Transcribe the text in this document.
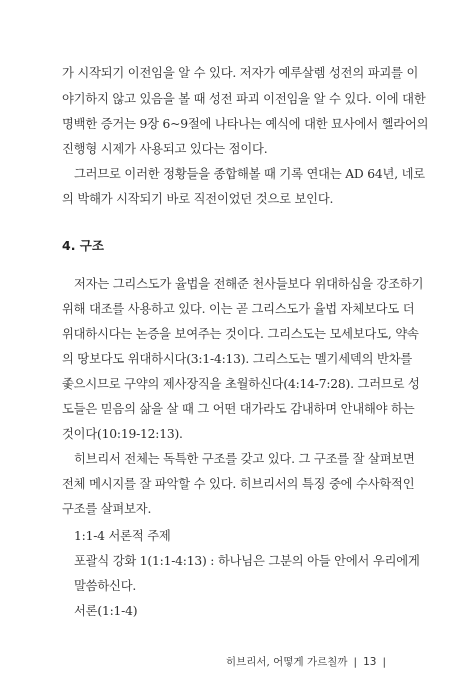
가 시작되기 이전임을 알 수 있다. 저자가 예루살렘 성전의 파괴를 이
야기하지 않고 있음을 볼 때 성전 파괴 이전임을 알 수 있다. 이에 대한
명백한 증거는 9장 6~9절에 나타나는 예식에 대한 묘사에서 헬라어의
진행형 시제가 사용되고 있다는 점이다.
그러므로 이러한 정황들을 종합해볼 때 기록 연대는 AD 64년, 네로
의 박해가 시작되기 바로 직전이었던 것으로 보인다.
4. 구조
저자는 그리스도가 율법을 전해준 천사들보다 위대하심을 강조하기
위해 대조를 사용하고 있다. 이는 곧 그리스도가 율법 자체보다도 더
위대하시다는 논증을 보여주는 것이다. 그리스도는 모세보다도, 약속
의 땅보다도 위대하시다(3:1-4:13). 그리스도는 멜기세덱의 반차를
좇으시므로 구약의 제사장직을 초월하신다(4:14-7:28). 그러므로 성
도들은 믿음의 삶을 살 때 그 어떤 대가라도 감내하며 안내해야 하는
것이다(10:19-12:13).
히브리서 전체는 독특한 구조를 갖고 있다. 그 구조를 잘 살펴보면
전체 메시지를 잘 파악할 수 있다. 히브리서의 특징 중에 수사학적인
구조를 살펴보자.
1:1-4 서론적 주제
포괄식 강화 1(1:1-4:13) : 하나님은 그분의 아들 안에서 우리에게
말씀하신다.
서론(1:1-4)
히브리서, 어떻게 가르칠까 | 13 |
